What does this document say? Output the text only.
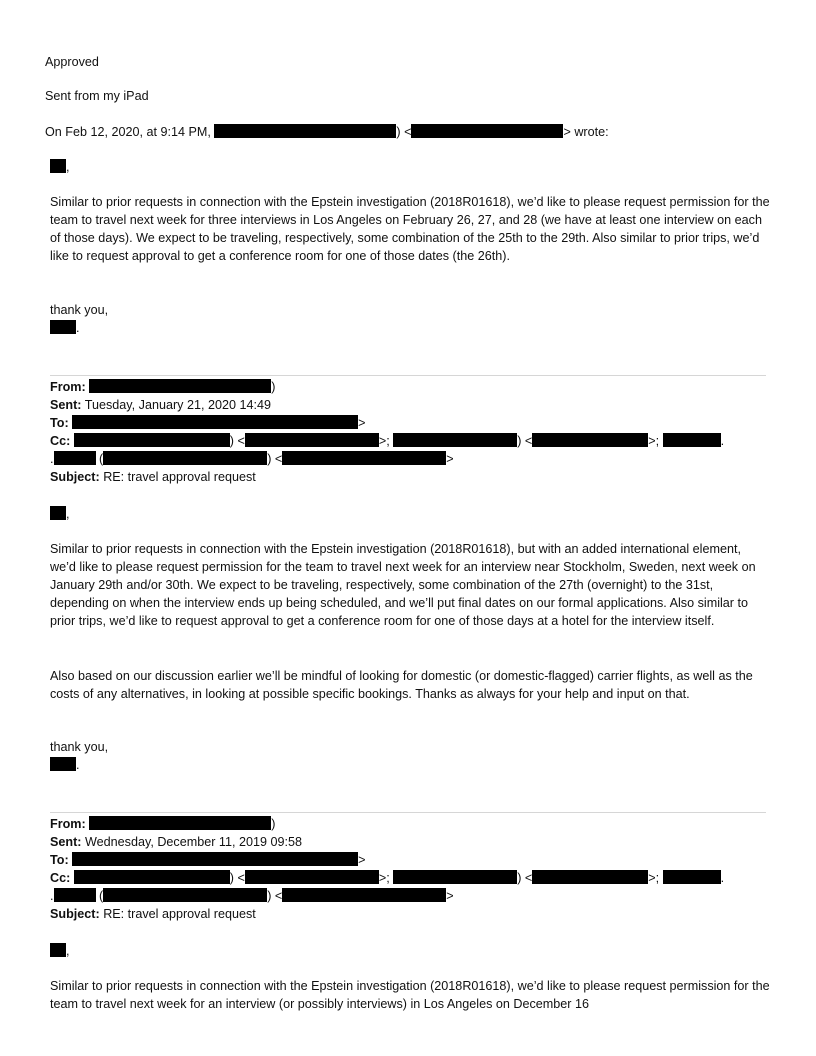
Approved
Sent from my iPad
On Feb 12, 2020, at 9:14 PM,	) <	> wrote:
,
Similar to prior requests in connection with the Epstein investigation (2018R01618), we’d like to please request permission for the team to travel next week for three interviews in Los Angeles on February 26, 27, and 28 (we have at least one interview on each of those days). We expect to be traveling, respectively, some combination of the 25th to the 29th. Also similar to prior trips, we’d like to request approval to get a conference room for one of those dates (the 26th).
thank you,
.
From:	)
Sent: Tuesday, January 21, 2020 14:49
To:	>
Cc:	) <	>;	) <	>;	.
.	(	) <	>
Subject: RE: travel approval request
,
Similar to prior requests in connection with the Epstein investigation (2018R01618), but with an added international element, we’d like to please request permission for the team to travel next week for an interview near Stockholm, Sweden, next week on January 29th and/or 30th. We expect to be traveling, respectively, some combination of the 27th (overnight) to the 31st, depending on when the interview ends up being scheduled, and we’ll put final dates on our formal applications. Also similar to prior trips, we’d like to request approval to get a conference room for one of those days at a hotel for the interview itself.
Also based on our discussion earlier we’ll be mindful of looking for domestic (or domestic-flagged) carrier flights, as well as the costs of any alternatives, in looking at possible specific bookings. Thanks as always for your help and input on that.
thank you,
.
From:	)
Sent: Wednesday, December 11, 2019 09:58
To:	>
Cc:	) <	>;	) <	>;	.
.	(	) <	>
Subject: RE: travel approval request
,
Similar to prior requests in connection with the Epstein investigation (2018R01618), we’d like to please request permission for the team to travel next week for an interview (or possibly interviews) in Los Angeles on December 16
